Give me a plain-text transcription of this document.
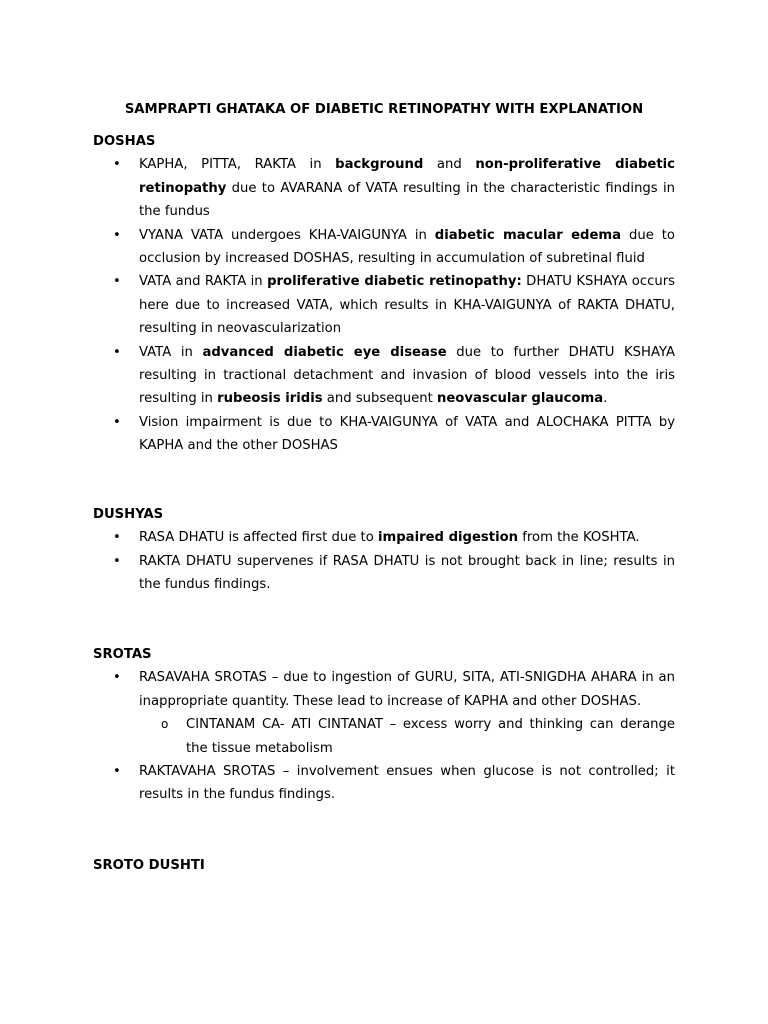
SAMPRAPTI GHATAKA OF DIABETIC RETINOPATHY WITH EXPLANATION
DOSHAS
• KAPHA, PITTA, RAKTA in background and non-proliferative diabetic retinopathy due to AVARANA of VATA resulting in the characteristic findings in the fundus
• VYANA VATA undergoes KHA-VAIGUNYA in diabetic macular edema due to occlusion by increased DOSHAS, resulting in accumulation of subretinal fluid
• VATA and RAKTA in proliferative diabetic retinopathy: DHATU KSHAYA occurs here due to increased VATA, which results in KHA-VAIGUNYA of RAKTA DHATU, resulting in neovascularization
• VATA in advanced diabetic eye disease due to further DHATU KSHAYA resulting in tractional detachment and invasion of blood vessels into the iris resulting in rubeosis iridis and subsequent neovascular glaucoma.
• Vision impairment is due to KHA-VAIGUNYA of VATA and ALOCHAKA PITTA by KAPHA and the other DOSHAS
DUSHYAS
• RASA DHATU is affected first due to impaired digestion from the KOSHTA.
• RAKTA DHATU supervenes if RASA DHATU is not brought back in line; results in the fundus findings.
SROTAS
• RASAVAHA SROTAS – due to ingestion of GURU, SITA, ATI-SNIGDHA AHARA in an inappropriate quantity. These lead to increase of KAPHA and other DOSHAS.
o CINTANAM CA- ATI CINTANAT – excess worry and thinking can derange the tissue metabolism
• RAKTAVAHA SROTAS – involvement ensues when glucose is not controlled; it results in the fundus findings.
SROTO DUSHTI
